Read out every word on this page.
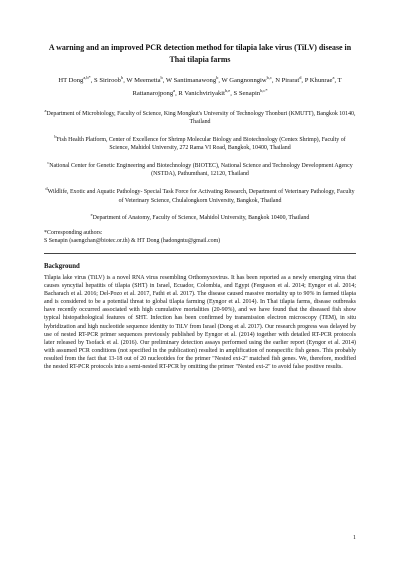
A warning and an improved PCR detection method for tilapia lake virus (TiLV) disease in Thai tilapia farms
HT Dong$^{a,b*}$, S Siriroob$^b$, W Meemetta$^b$, W Santimanawong$^b$, W Gangnonngiw$^{b,c}$, N Pirarat$^d$, P Khunrae$^a$, T Rattanarojpong$^a$, R Vanichviriyakit$^{b,e}$, S Senapin$^{b,c*}$
$^a$Department of Microbiology, Faculty of Science, King Mongkut's University of Technology Thonburi (KMUTT), Bangkok 10140, Thailand
$^b$Fish Health Platform, Center of Excellence for Shrimp Molecular Biology and Biotechnology (Centex Shrimp), Faculty of Science, Mahidol University, 272 Rama VI Road, Bangkok, 10400, Thailand
$^c$National Center for Genetic Engineering and Biotechnology (BIOTEC), National Science and Technology Development Agency (NSTDA), Pathumthani, 12120, Thailand
$^d$Wildlife, Exotic and Aquatic Pathology- Special Task Force for Activating Research, Department of Veterinary Pathology, Faculty of Veterinary Science, Chulalongkorn University, Bangkok, Thailand
$^e$Department of Anatomy, Faculty of Science, Mahidol University, Bangkok 10400, Thailand
*Corresponding authors:
S Senapin (saengchan@biotec.or.th) & HT Dong (hadongntu@gmail.com)
Background

Tilapia lake virus (TiLV) is a novel RNA virus resembling Orthomyxovirus. It has been reported as a newly emerging virus that causes syncytial hepatitis of tilapia (SHT) in Israel, Ecuador, Colombia, and Egypt (Ferguson et al. 2014; Eyngor et al. 2014; Bacharach et al. 2016; Del-Pozo et al. 2017, Fathi et al. 2017). The disease caused massive mortality up to 90% in farmed tilapia and is considered to be a potential threat to global tilapia farming (Eyngor et al. 2014). In Thai tilapia farms, disease outbreaks have recently occurred associated with high cumulative mortalities (20-90%), and we have found that the diseased fish show typical histopathological features of SHT. Infection has been confirmed by transmission electron microscopy (TEM), in situ hybridization and high nucleotide sequence identity to TiLV from Israel (Dong et al. 2017). Our research progress was delayed by use of nested RT-PCR primer sequences previously published by Eyngor et al. (2014) together with detailed RT-PCR protocols later released by Tsofack et al. (2016). Our preliminary detection assays performed using the earlier report (Eyngor et al. 2014) with assumed PCR conditions (not specified in the publication) resulted in amplification of nonspecific fish genes. This probably resulted from the fact that 13-18 out of 20 nucleotides for the primer "Nested ext-2" matched fish genes. We, therefore, modified the nested RT-PCR protocols into a semi-nested RT-PCR by omitting the primer "Nested ext-2" to avoid false positive results.

1
